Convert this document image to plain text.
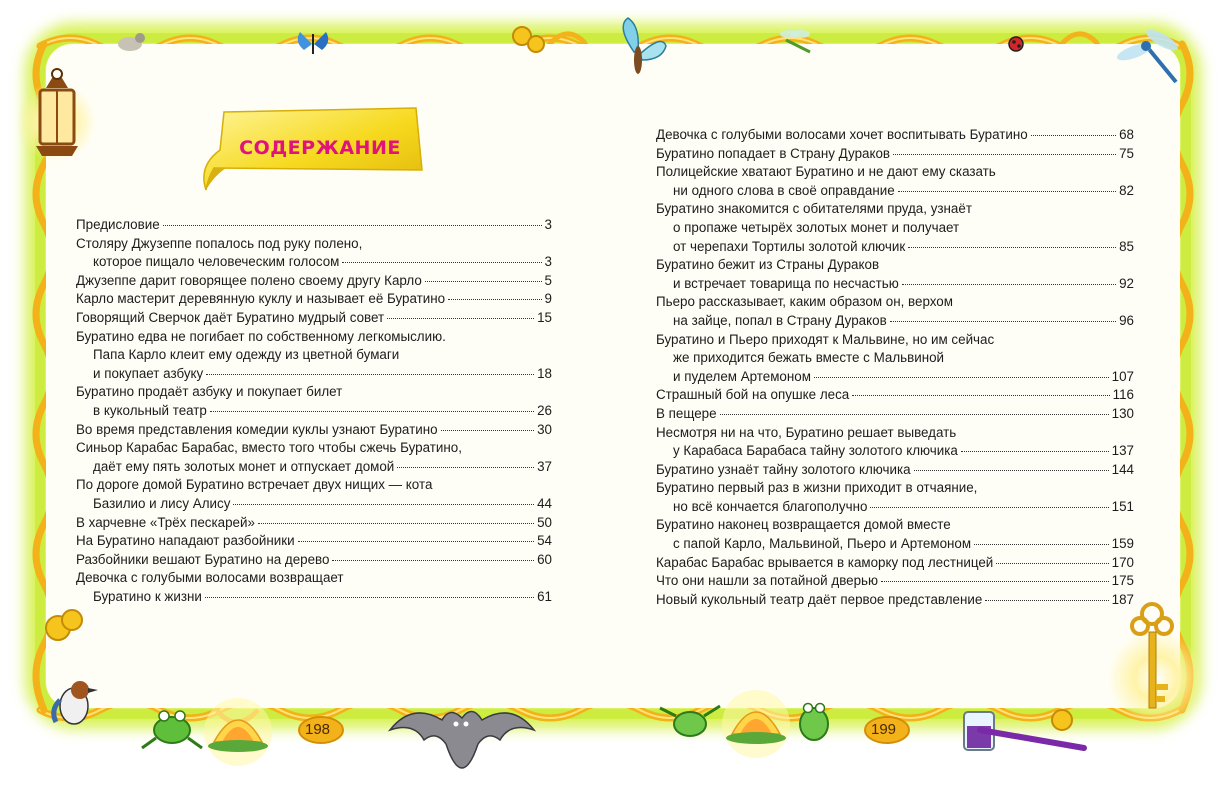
СОДЕРЖАНИЕ
Предисловие	3
Столяру Джузеппе попалось под руку полено,
которое пищало человеческим голосом	3
Джузеппе дарит говорящее полено своему другу Карло	5
Карло мастерит деревянную куклу и называет её Буратино	9
Говорящий Сверчок даёт Буратино мудрый совет	15
Буратино едва не погибает по собственному легкомыслию.
Папа Карло клеит ему одежду из цветной бумаги
и покупает азбуку	18
Буратино продаёт азбуку и покупает билет
в кукольный театр	26
Во время представления комедии куклы узнают Буратино	30
Синьор Карабас Барабас, вместо того чтобы сжечь Буратино,
даёт ему пять золотых монет и отпускает домой	37
По дороге домой Буратино встречает двух нищих — кота
Базилио и лису Алису	44
В харчевне «Трёх пескарей»	50
На Буратино нападают разбойники	54
Разбойники вешают Буратино на дерево	60
Девочка с голубыми волосами возвращает
Буратино к жизни	61
Девочка с голубыми волосами хочет воспитывать Буратино	68
Буратино попадает в Страну Дураков	75
Полицейские хватают Буратино и не дают ему сказать
ни одного слова в своё оправдание	82
Буратино знакомится с обитателями пруда, узнаёт
о пропаже четырёх золотых монет и получает
от черепахи Тортилы золотой ключик	85
Буратино бежит из Страны Дураков
и встречает товарища по несчастью	92
Пьеро рассказывает, каким образом он, верхом
на зайце, попал в Страну Дураков	96
Буратино и Пьеро приходят к Мальвине, но им сейчас
же приходится бежать вместе с Мальвиной
и пуделем Артемоном	107
Страшный бой на опушке леса	116
В пещере	130
Несмотря ни на что, Буратино решает выведать
у Карабаса Барабаса тайну золотого ключика	137
Буратино узнаёт тайну золотого ключика	144
Буратино первый раз в жизни приходит в отчаяние,
но всё кончается благополучно	151
Буратино наконец возвращается домой вместе
с папой Карло, Мальвиной, Пьеро и Артемоном	159
Карабас Барабас врывается в каморку под лестницей	170
Что они нашли за потайной дверью	175
Новый кукольный театр даёт первое представление	187
198	199
